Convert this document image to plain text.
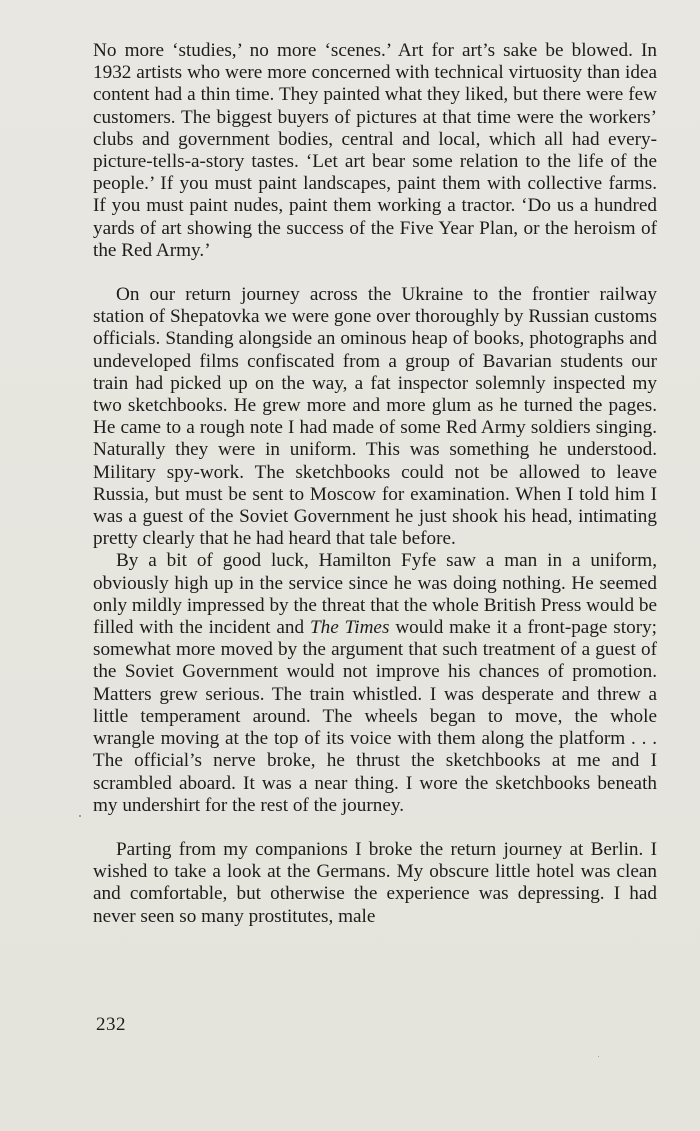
No more ‘studies,’ no more ‘scenes.’ Art for art’s sake be blowed. In 1932 artists who were more concerned with technical virtuosity than idea content had a thin time. They painted what they liked, but there were few customers. The biggest buyers of pictures at that time were the workers’ clubs and government bodies, central and local, which all had every-picture-tells-a-story tastes. ‘Let art bear some relation to the life of the people.’ If you must paint landscapes, paint them with collective farms. If you must paint nudes, paint them working a tractor. ‘Do us a hundred yards of art showing the success of the Five Year Plan, or the heroism of the Red Army.’

On our return journey across the Ukraine to the frontier railway station of Shepatovka we were gone over thoroughly by Russian customs officials. Standing alongside an ominous heap of books, photographs and undeveloped films confiscated from a group of Bavarian students our train had picked up on the way, a fat inspector solemnly inspected my two sketchbooks. He grew more and more glum as he turned the pages. He came to a rough note I had made of some Red Army soldiers singing. Naturally they were in uniform. This was something he understood. Military spy-work. The sketchbooks could not be allowed to leave Russia, but must be sent to Moscow for examination. When I told him I was a guest of the Soviet Government he just shook his head, intimating pretty clearly that he had heard that tale before.

By a bit of good luck, Hamilton Fyfe saw a man in a uniform, obviously high up in the service since he was doing nothing. He seemed only mildly impressed by the threat that the whole British Press would be filled with the incident and The Times would make it a front-page story; somewhat more moved by the argument that such treatment of a guest of the Soviet Government would not improve his chances of promotion. Matters grew serious. The train whistled. I was desperate and threw a little temperament around. The wheels began to move, the whole wrangle moving at the top of its voice with them along the platform . . . The official’s nerve broke, he thrust the sketchbooks at me and I scrambled aboard. It was a near thing. I wore the sketchbooks beneath my undershirt for the rest of the journey.

Parting from my companions I broke the return journey at Berlin. I wished to take a look at the Germans. My obscure little hotel was clean and comfortable, but otherwise the experience was depressing. I had never seen so many prostitutes, male

232
